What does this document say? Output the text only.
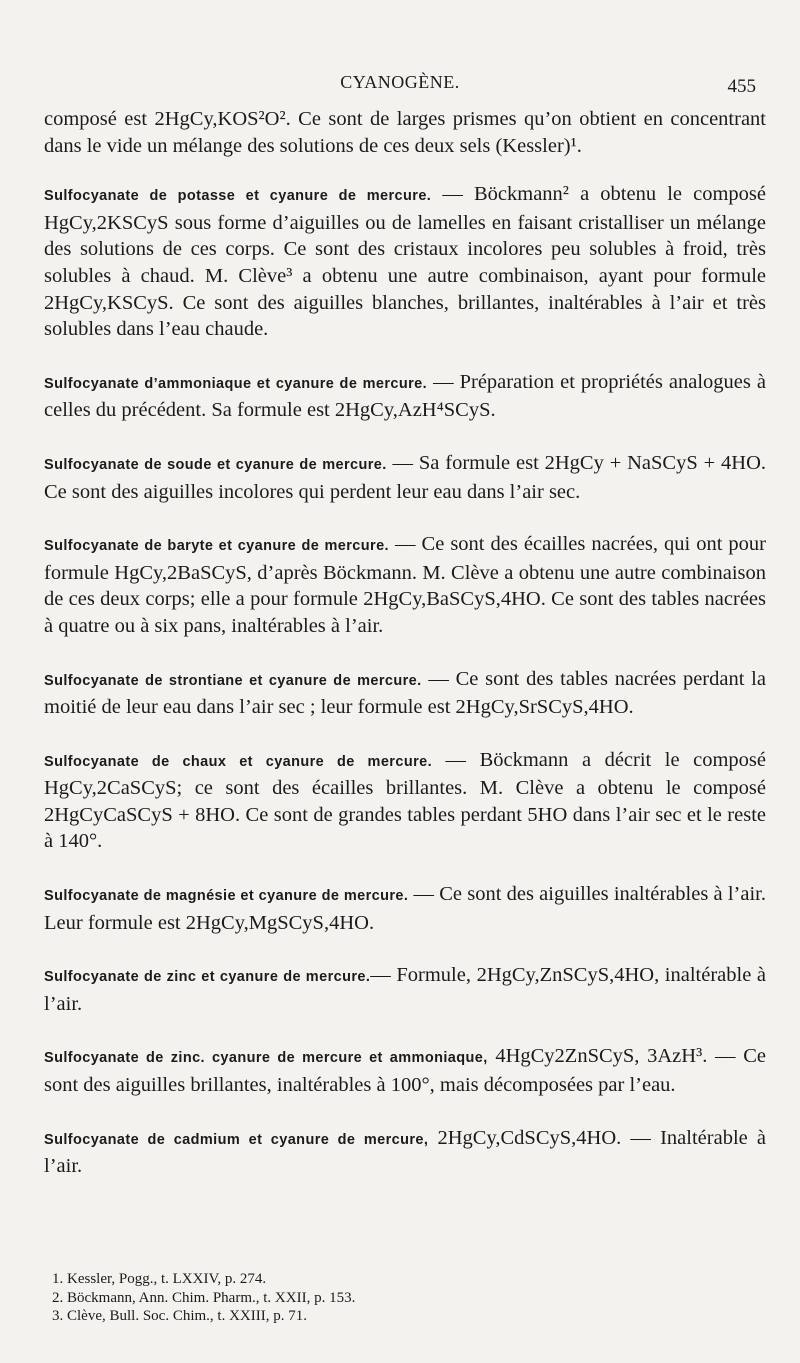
CYANOGÈNE.	455

composé est 2HgCy,KOS²O². Ce sont de larges prismes qu’on obtient en concentrant dans le vide un mélange des solutions de ces deux sels (Kessler)¹.

Sulfocyanate de potasse et cyanure de mercure. — Böckmann² a obtenu le composé HgCy,2KSCyS sous forme d’aiguilles ou de lamelles en faisant cristalliser un mélange des solutions de ces corps. Ce sont des cristaux incolores peu solubles à froid, très solubles à chaud. M. Clève³ a obtenu une autre combinaison, ayant pour formule 2HgCy,KSCyS. Ce sont des aiguilles blanches, brillantes, inaltérables à l’air et très solubles dans l’eau chaude.

Sulfocyanate d’ammoniaque et cyanure de mercure. — Préparation et propriétés analogues à celles du précédent. Sa formule est 2HgCy,AzH⁴SCyS.

Sulfocyanate de soude et cyanure de mercure. — Sa formule est 2HgCy + NaSCyS + 4HO. Ce sont des aiguilles incolores qui perdent leur eau dans l’air sec.

Sulfocyanate de baryte et cyanure de mercure. — Ce sont des écailles nacrées, qui ont pour formule HgCy,2BaSCyS, d’après Böckmann. M. Clève a obtenu une autre combinaison de ces deux corps; elle a pour formule 2HgCy,BaSCyS,4HO. Ce sont des tables nacrées à quatre ou à six pans, inaltérables à l’air.

Sulfocyanate de strontiane et cyanure de mercure. — Ce sont des tables nacrées perdant la moitié de leur eau dans l’air sec ; leur formule est 2HgCy,SrSCyS,4HO.

Sulfocyanate de chaux et cyanure de mercure. — Böckmann a décrit le composé HgCy,2CaSCyS; ce sont des écailles brillantes. M. Clève a obtenu le composé 2HgCyCaSCyS + 8HO. Ce sont de grandes tables perdant 5HO dans l’air sec et le reste à 140°.

Sulfocyanate de magnésie et cyanure de mercure. — Ce sont des aiguilles inaltérables à l’air. Leur formule est 2HgCy,MgSCyS,4HO.

Sulfocyanate de zinc et cyanure de mercure.— Formule, 2HgCy,ZnSCyS,4HO, inaltérable à l’air.

Sulfocyanate de zinc. cyanure de mercure et ammoniaque, 4HgCy2ZnSCyS, 3AzH³. — Ce sont des aiguilles brillantes, inaltérables à 100°, mais décomposées par l’eau.

Sulfocyanate de cadmium et cyanure de mercure, 2HgCy,CdSCyS,4HO. — Inaltérable à l’air.

1. Kessler, Pogg., t. LXXIV, p. 274.
2. Böckmann, Ann. Chim. Pharm., t. XXII, p. 153.
3. Clève, Bull. Soc. Chim., t. XXIII, p. 71.
